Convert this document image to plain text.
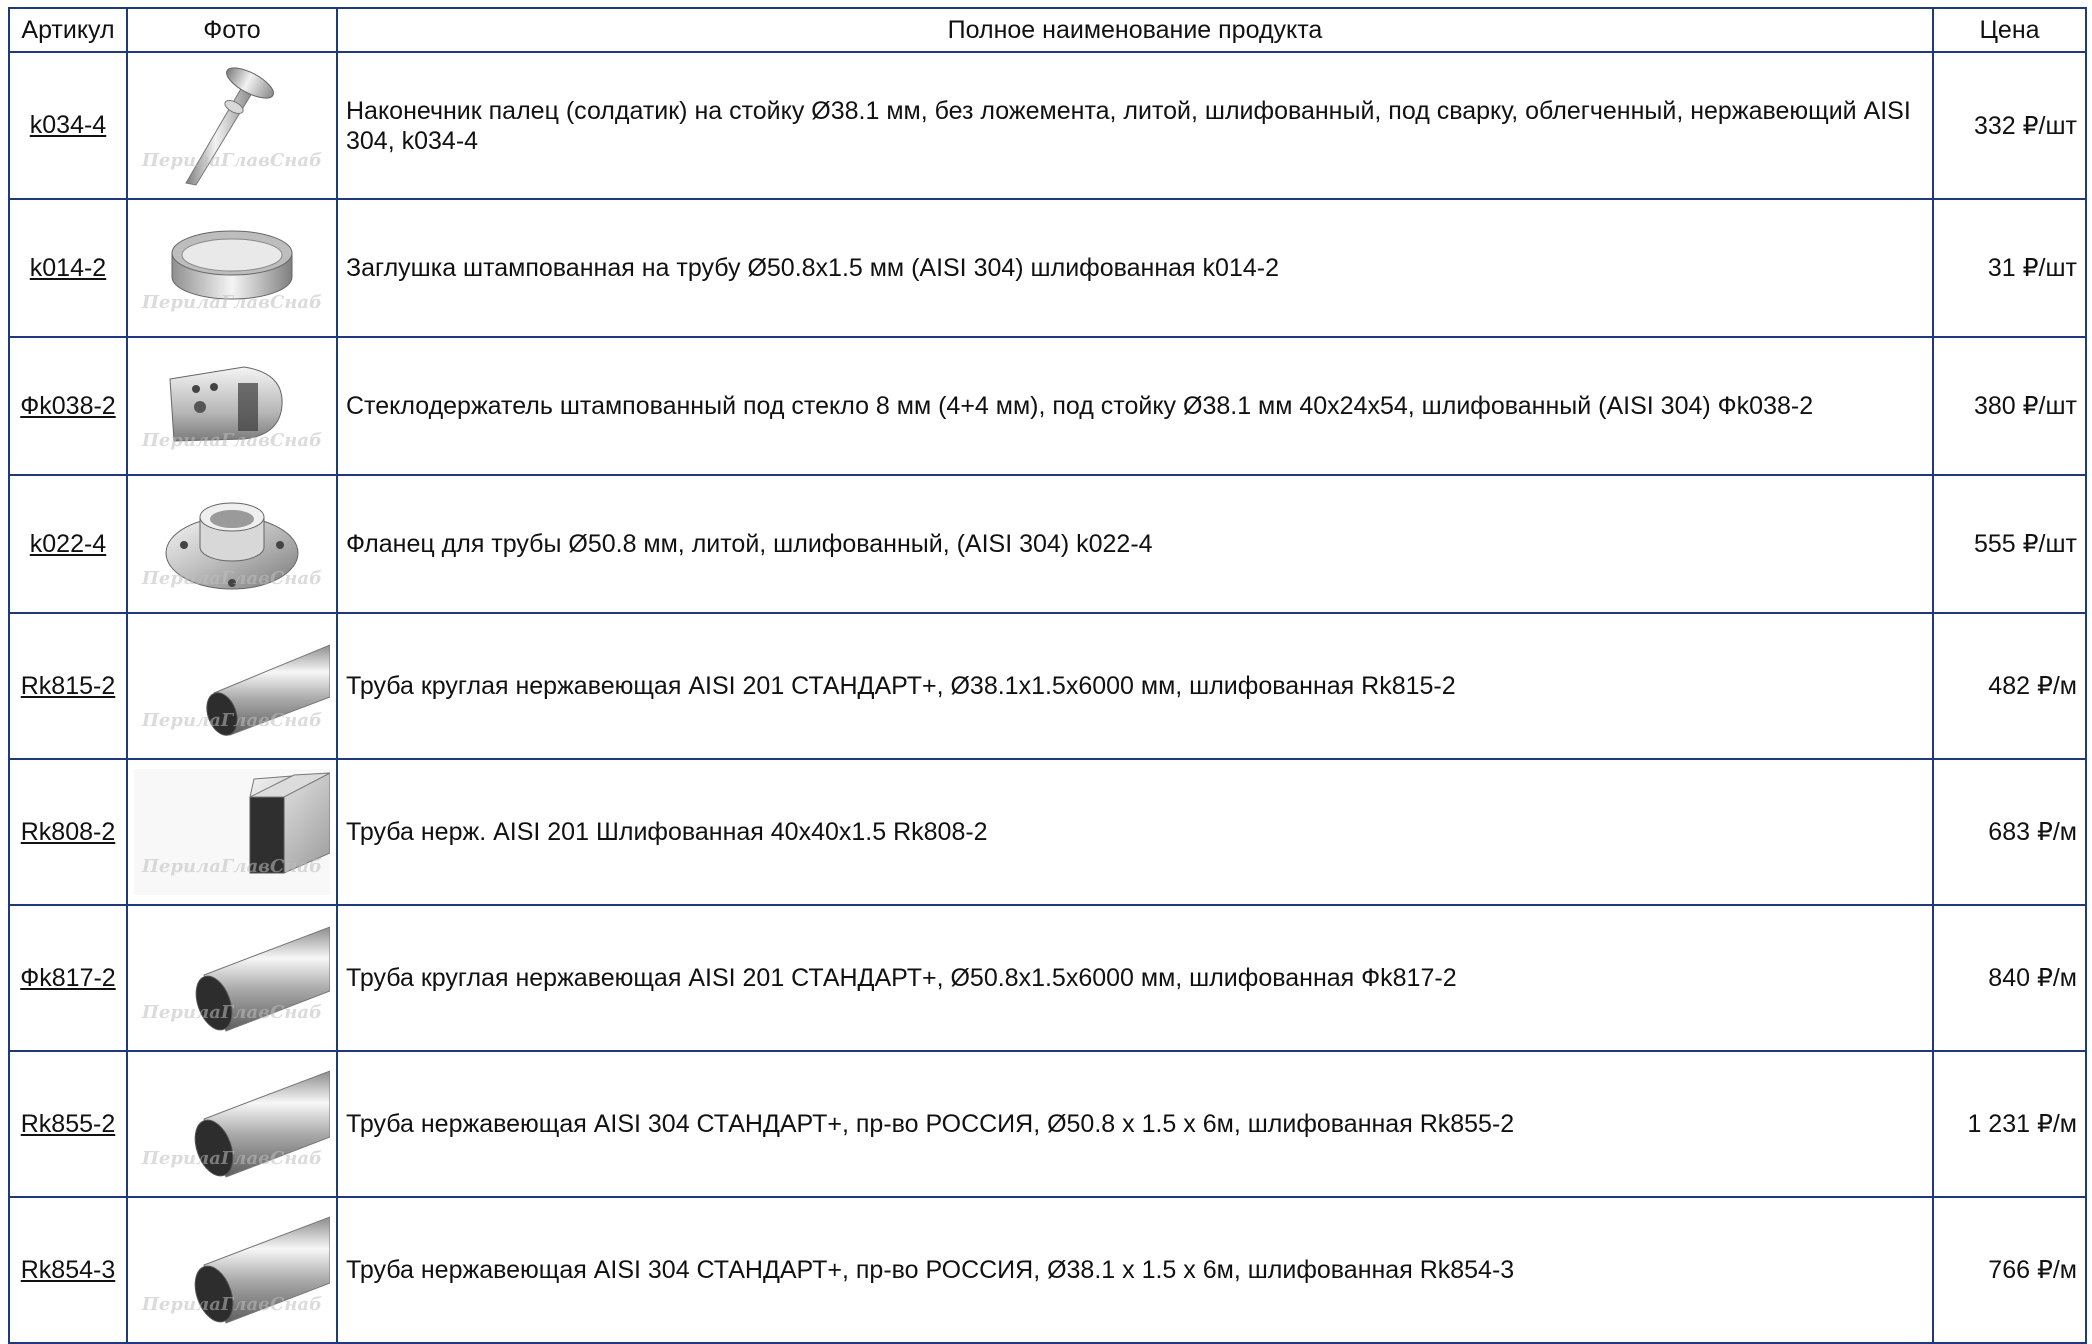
Артикул	Фото	Полное наименование продукта	Цена
k034-4	ПерилаГлавСнаб	Наконечник палец (солдатик) на стойку Ø38.1 мм, без ложемента, литой, шлифованный, под сварку, облегченный, нержавеющий AISI 304, k034-4	332 ₽/шт
k014-2	ПерилаГлавСнаб	Заглушка штампованная на трубу Ø50.8x1.5 мм (AISI 304) шлифованная k014-2	31 ₽/шт
Фk038-2	ПерилаГлавСнаб	Стеклодержатель штампованный под стекло 8 мм (4+4 мм), под стойку Ø38.1 мм 40х24х54, шлифованный (AISI 304) Фk038-2	380 ₽/шт
k022-4	ПерилаГлавСнаб	Фланец для трубы Ø50.8 мм, литой, шлифованный, (AISI 304) k022-4	555 ₽/шт
Rk815-2	ПерилаГлавСнаб	Труба круглая нержавеющая AISI 201 СТАНДАРТ+, Ø38.1x1.5x6000 мм, шлифованная Rk815-2	482 ₽/м
Rk808-2	ПерилаГлавСнаб	Труба нерж. AISI 201 Шлифованная 40х40х1.5 Rk808-2	683 ₽/м
Фk817-2	ПерилаГлавСнаб	Труба круглая нержавеющая AISI 201 СТАНДАРТ+, Ø50.8x1.5x6000 мм, шлифованная Фk817-2	840 ₽/м
Rk855-2	ПерилаГлавСнаб	Труба нержавеющая AISI 304 СТАНДАРТ+, пр-во РОССИЯ, Ø50.8 х 1.5 х 6м, шлифованная Rk855-2	1 231 ₽/м
Rk854-3	ПерилаГлавСнаб	Труба нержавеющая AISI 304 СТАНДАРТ+, пр-во РОССИЯ, Ø38.1 х 1.5 х 6м, шлифованная Rk854-3	766 ₽/м
